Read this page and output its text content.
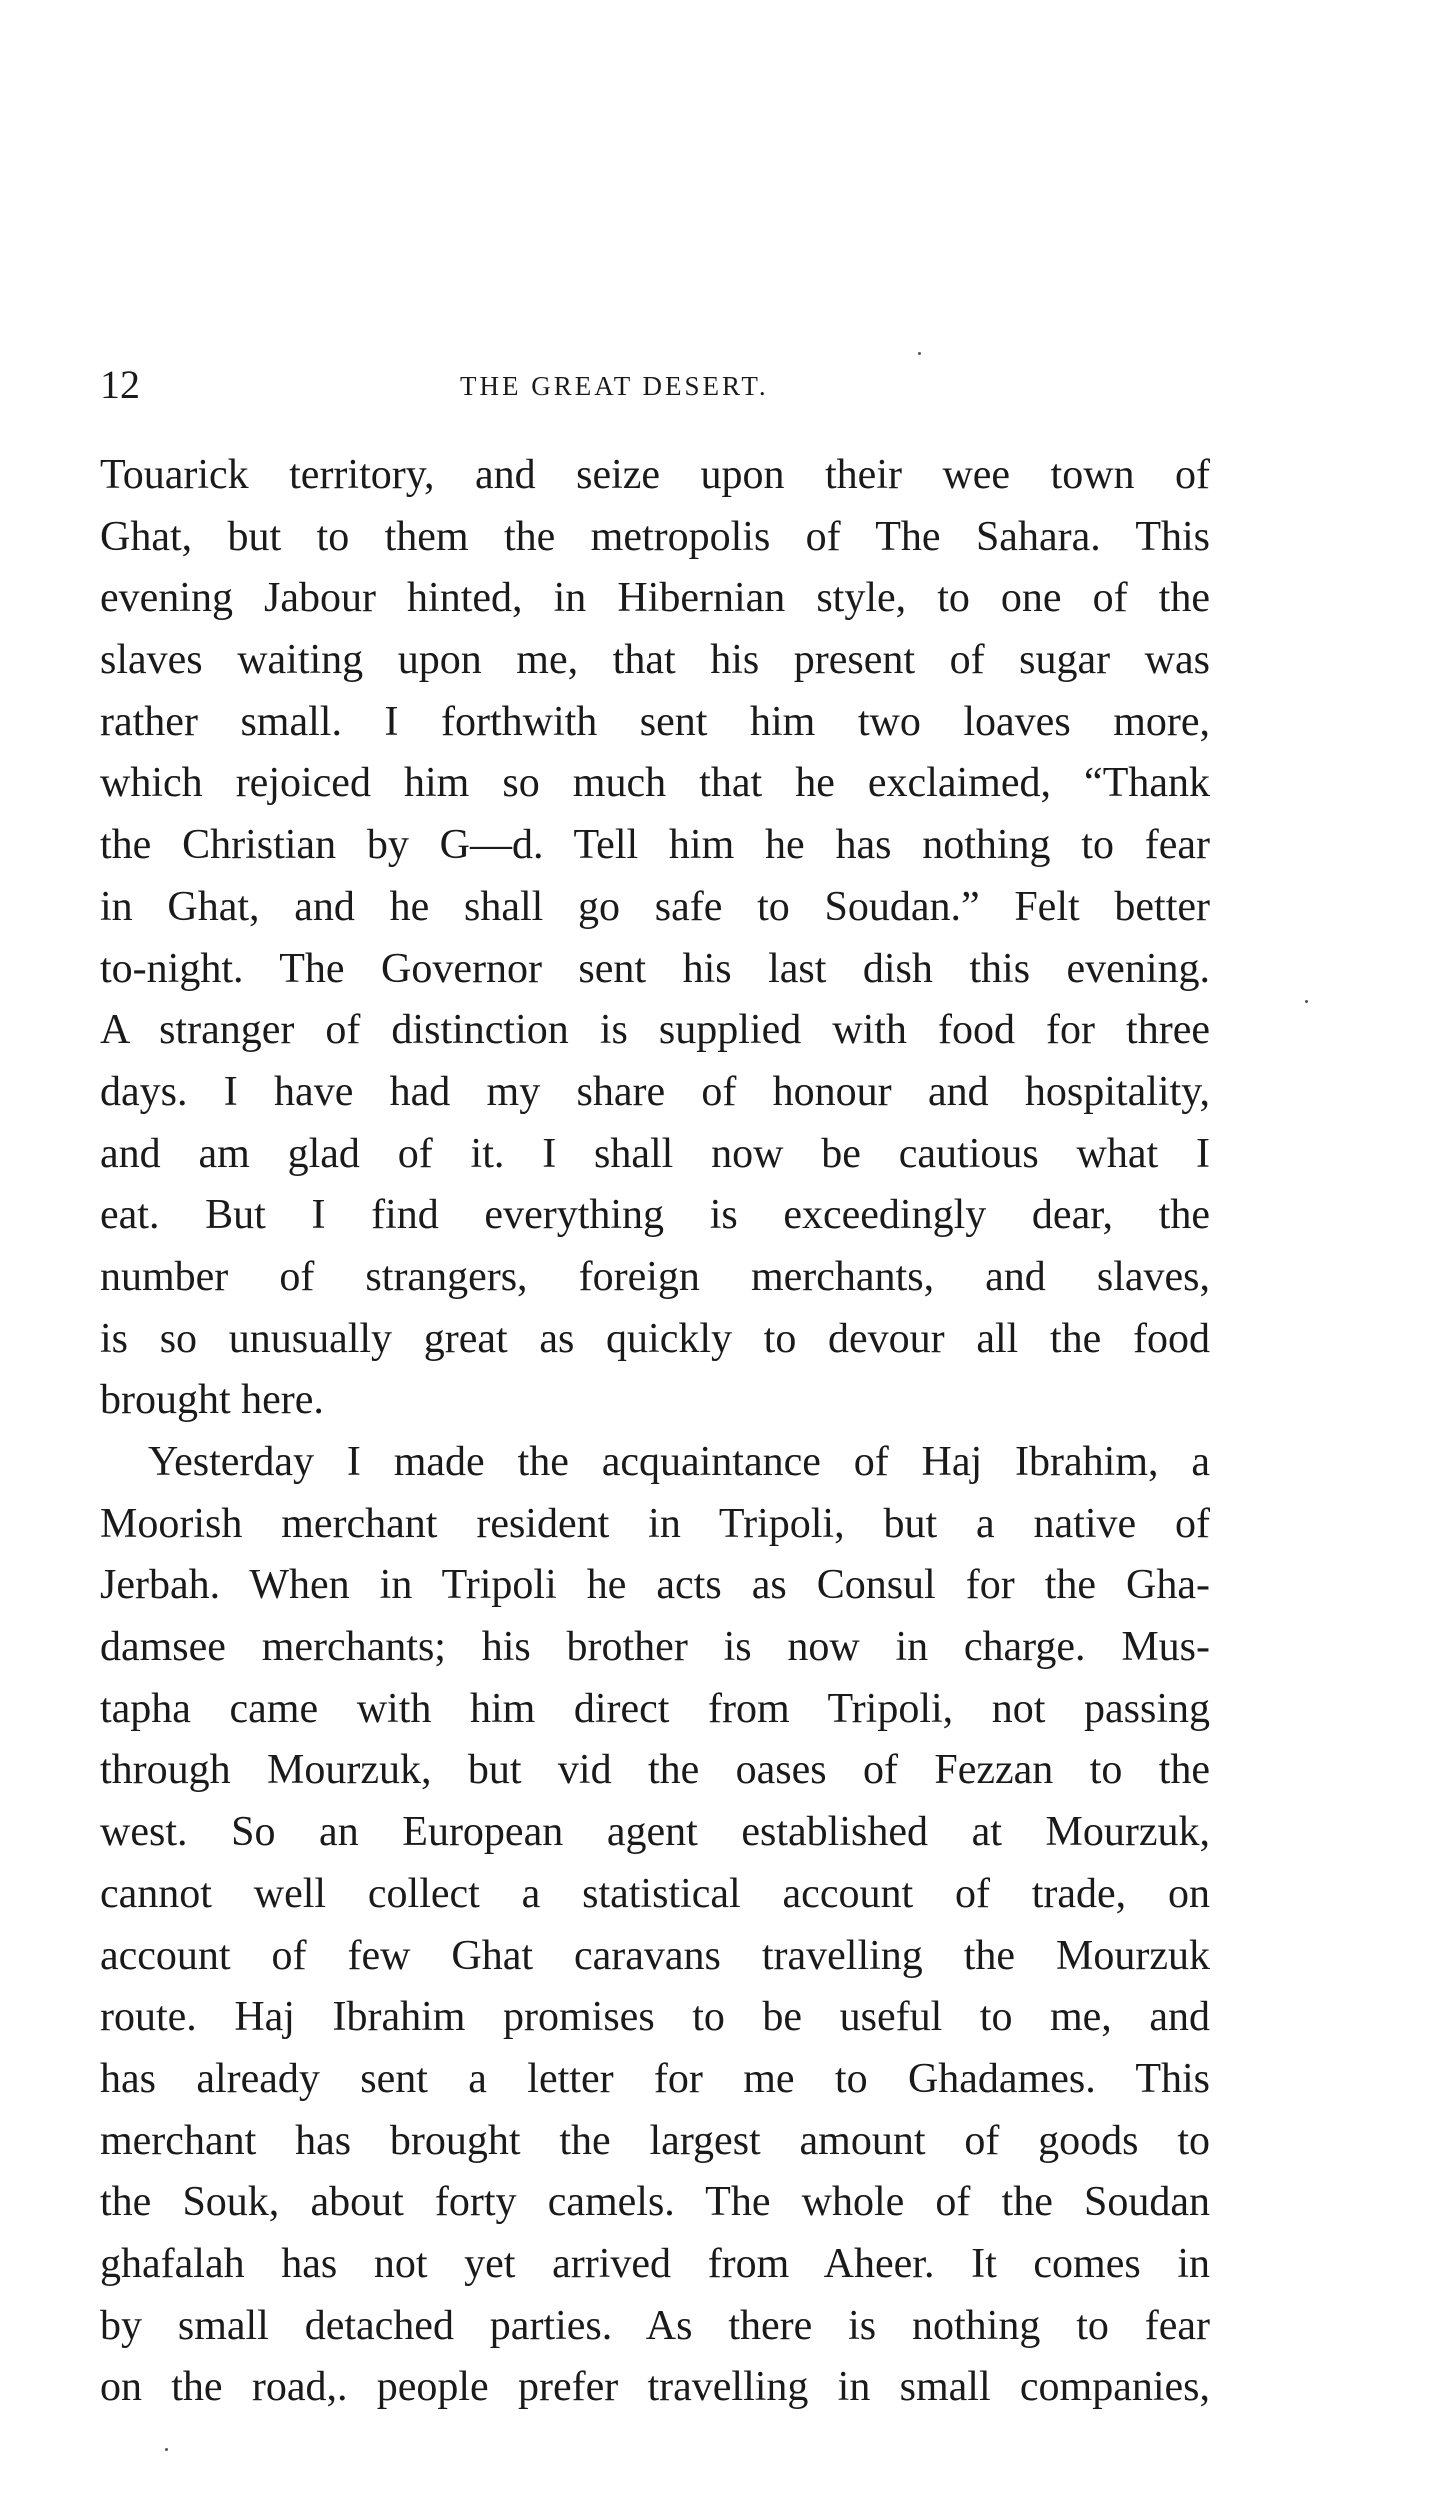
12	THE GREAT DESERT.
Touarick territory, and seize upon their wee town of
Ghat, but to them the metropolis of The Sahara. This
evening Jabour hinted, in Hibernian style, to one of the
slaves waiting upon me, that his present of sugar was
rather small. I forthwith sent him two loaves more,
which rejoiced him so much that he exclaimed, “Thank
the Christian by G—d. Tell him he has nothing to fear
in Ghat, and he shall go safe to Soudan.” Felt better
to-night. The Governor sent his last dish this evening.
A stranger of distinction is supplied with food for three
days. I have had my share of honour and hospitality,
and am glad of it. I shall now be cautious what I
eat. But I find everything is exceedingly dear, the
number of strangers, foreign merchants, and slaves,
is so unusually great as quickly to devour all the food
brought here.
Yesterday I made the acquaintance of Haj Ibrahim, a
Moorish merchant resident in Tripoli, but a native of
Jerbah. When in Tripoli he acts as Consul for the Gha-
damsee merchants; his brother is now in charge. Mus-
tapha came with him direct from Tripoli, not passing
through Mourzuk, but vid the oases of Fezzan to the
west. So an European agent established at Mourzuk,
cannot well collect a statistical account of trade, on
account of few Ghat caravans travelling the Mourzuk
route. Haj Ibrahim promises to be useful to me, and
has already sent a letter for me to Ghadames. This
merchant has brought the largest amount of goods to
the Souk, about forty camels. The whole of the Soudan
ghafalah has not yet arrived from Aheer. It comes in
by small detached parties. As there is nothing to fear
on the road,. people prefer travelling in small companies,
